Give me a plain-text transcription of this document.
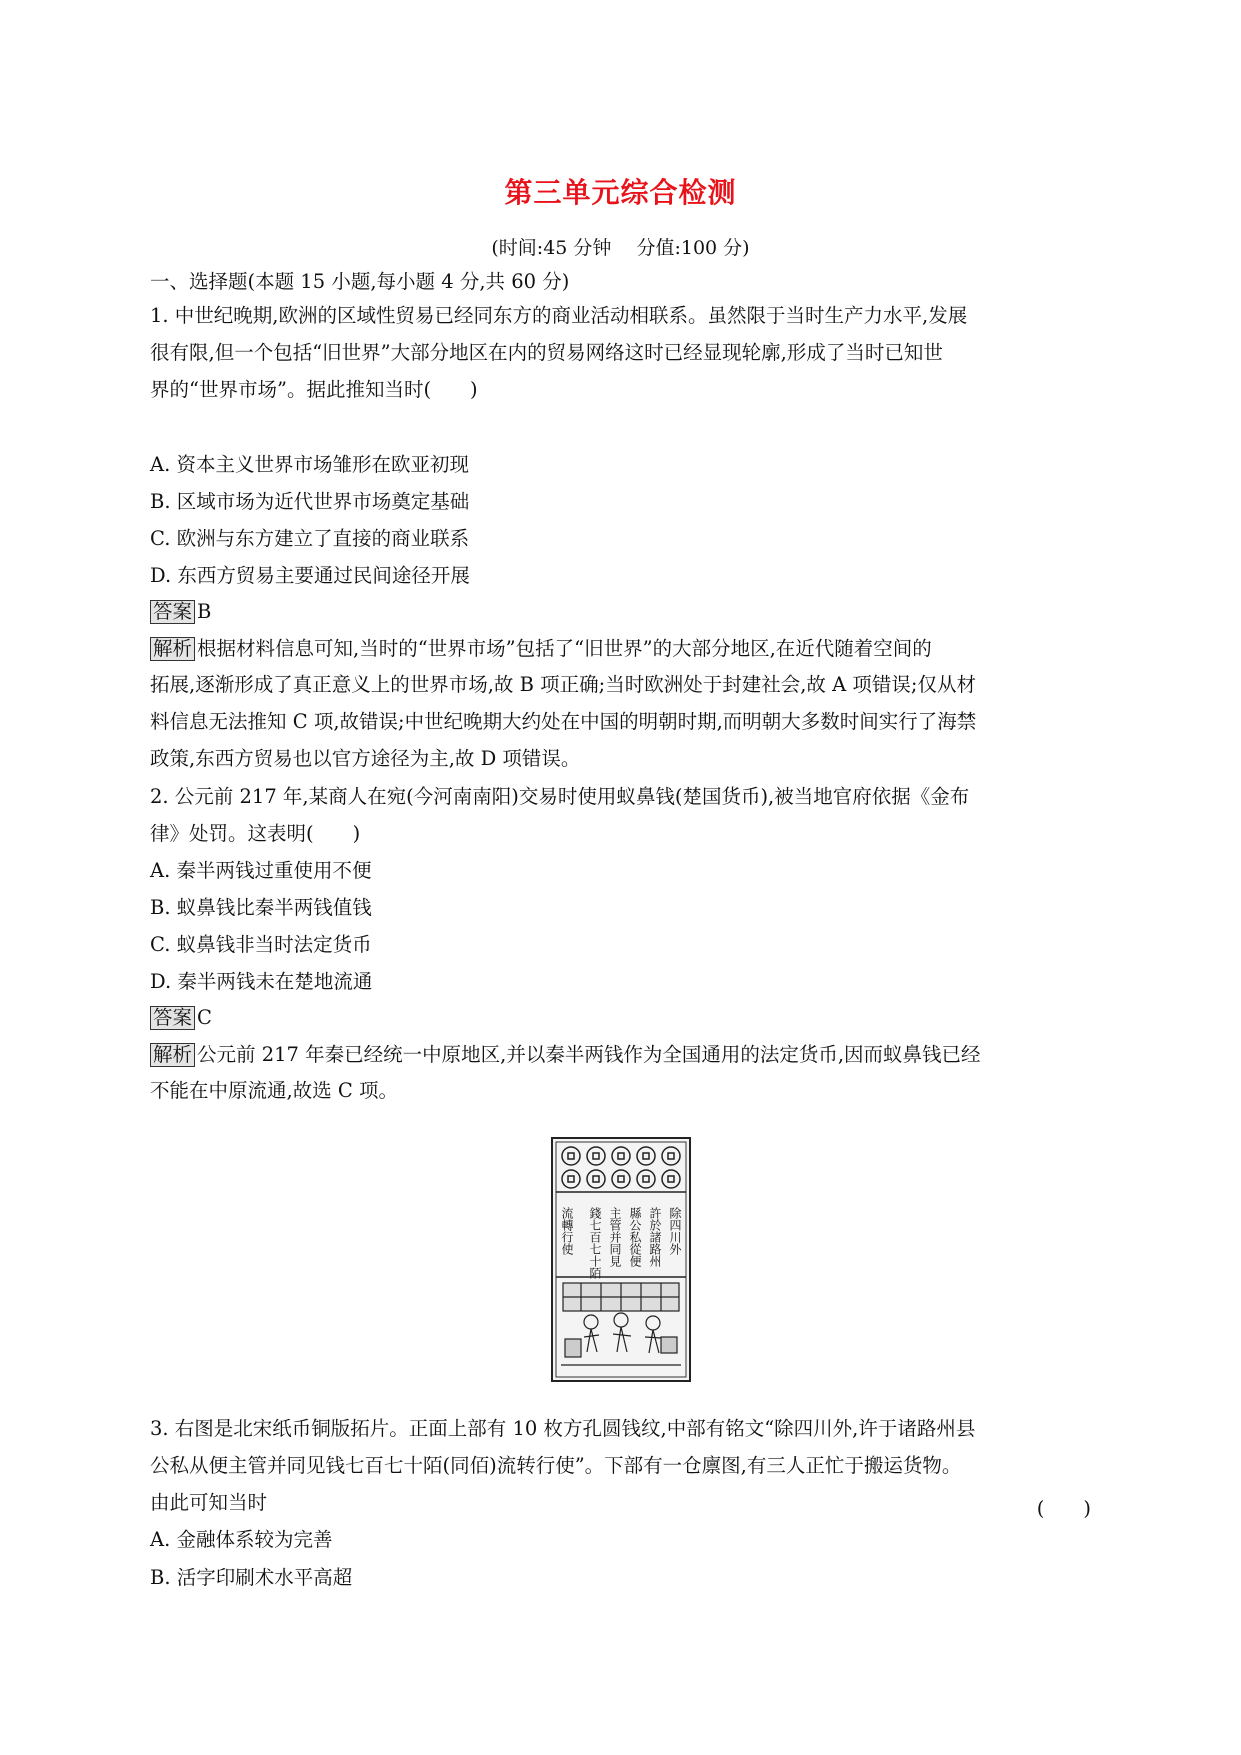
第三单元综合检测
(时间:45 分钟　 分值:100 分)
一、选择题(本题 15 小题,每小题 4 分,共 60 分)
1. 中世纪晚期,欧洲的区域性贸易已经同东方的商业活动相联系。虽然限于当时生产力水平,发展
很有限,但一个包括“旧世界”大部分地区在内的贸易网络这时已经显现轮廓,形成了当时已知世
界的“世界市场”。据此推知当时(　　)
A. 资本主义世界市场雏形在欧亚初现
B. 区域市场为近代世界市场奠定基础
C. 欧洲与东方建立了直接的商业联系
D. 东西方贸易主要通过民间途径开展
答案 B
解析 根据材料信息可知,当时的“世界市场”包括了“旧世界”的大部分地区,在近代随着空间的
拓展,逐渐形成了真正意义上的世界市场,故 B 项正确;当时欧洲处于封建社会,故 A 项错误;仅从材
料信息无法推知 C 项,故错误;中世纪晚期大约处在中国的明朝时期,而明朝大多数时间实行了海禁
政策,东西方贸易也以官方途径为主,故 D 项错误。
2. 公元前 217 年,某商人在宛(今河南南阳)交易时使用蚁鼻钱(楚国货币),被当地官府依据《金布
律》处罚。这表明(　　)
A. 秦半两钱过重使用不便
B. 蚁鼻钱比秦半两钱值钱
C. 蚁鼻钱非当时法定货币
D. 秦半两钱未在楚地流通
答案 C
解析 公元前 217 年秦已经统一中原地区,并以秦半两钱作为全国通用的法定货币,因而蚁鼻钱已经
不能在中原流通,故选 C 项。
除四川外
許於諸路州
縣公私從便
主管并同見
錢七百七十陌
流轉行使
3. 右图是北宋纸币铜版拓片。正面上部有 10 枚方孔圆钱纹,中部有铭文“除四川外,许于诸路州县
公私从便主管并同见钱七百七十陌(同佰)流转行使”。下部有一仓廪图,有三人正忙于搬运货物。
由此可知当时	(　　)
A. 金融体系较为完善
B. 活字印刷术水平高超
